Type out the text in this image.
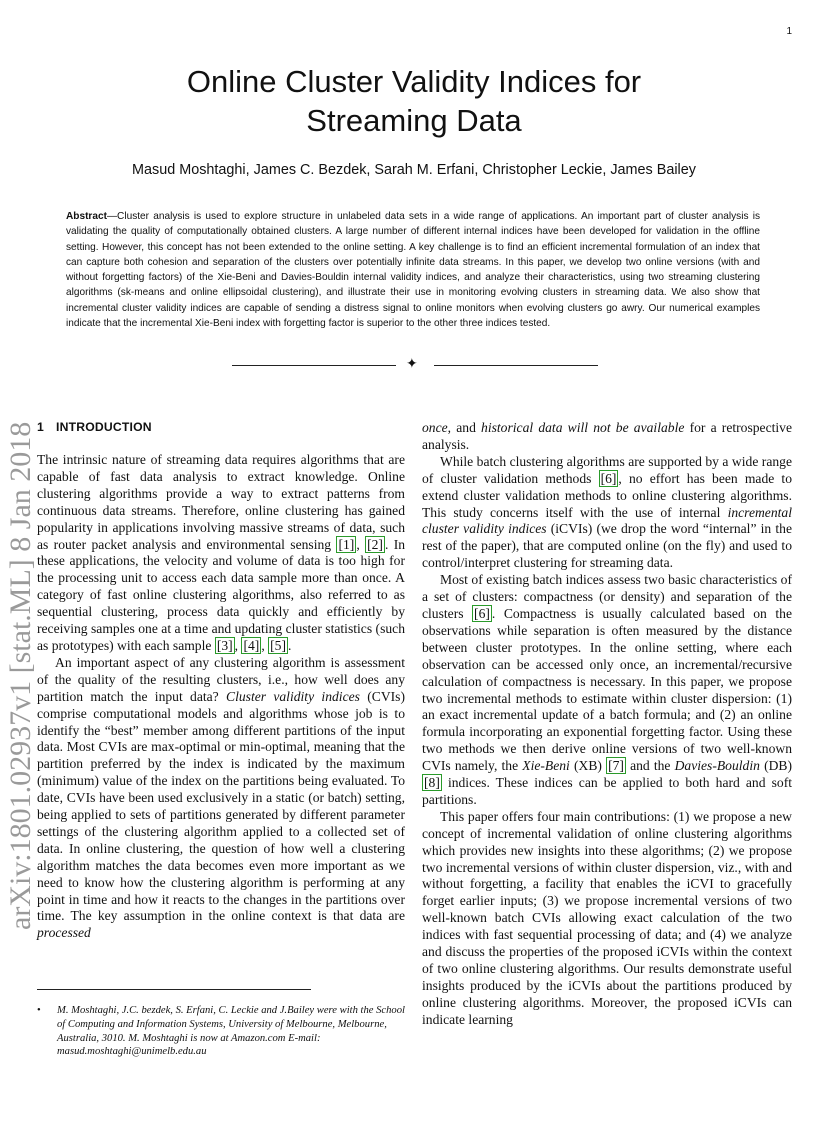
1
Online Cluster Validity Indices for
Streaming Data
Masud Moshtaghi, James C. Bezdek, Sarah M. Erfani, Christopher Leckie, James Bailey
Abstract—Cluster analysis is used to explore structure in unlabeled data sets in a wide range of applications. An important part of cluster analysis is validating the quality of computationally obtained clusters. A large number of different internal indices have been developed for validation in the offline setting. However, this concept has not been extended to the online setting. A key challenge is to find an efficient incremental formulation of an index that can capture both cohesion and separation of the clusters over potentially infinite data streams. In this paper, we develop two online versions (with and without forgetting factors) of the Xie-Beni and Davies-Bouldin internal validity indices, and analyze their characteristics, using two streaming clustering algorithms (sk-means and online ellipsoidal clustering), and illustrate their use in monitoring evolving clusters in streaming data. We also show that incremental cluster validity indices are capable of sending a distress signal to online monitors when evolving clusters go awry. Our numerical examples indicate that the incremental Xie-Beni index with forgetting factor is superior to the other three indices tested.
✦
arXiv:1801.02937v1 [stat.ML] 8 Jan 2018 1 INTRODUCTION

The intrinsic nature of streaming data requires algorithms that are capable of fast data analysis to extract knowledge. Online clustering algorithms provide a way to extract patterns from continuous data streams. Therefore, online clustering has gained popularity in applications involving massive streams of data, such as router packet analysis and environmental sensing [1] , [2] . In these applications, the velocity and volume of data is too high for the processing unit to access each data sample more than once. A category of fast online clustering algorithms, also referred to as sequential clustering, process data quickly and efficiently by receiving samples one at a time and updating cluster statistics (such as prototypes) with each sample [3] , [4] , [5] .

An important aspect of any clustering algorithm is assessment of the quality of the resulting clusters, i.e., how well does any partition match the input data? Cluster validity indices (CVIs) comprise computational models and algorithms whose job is to identify the “best” member among different partitions of the input data. Most CVIs are max-optimal or min-optimal, meaning that the partition preferred by the index is indicated by the maximum (minimum) value of the index on the partitions being evaluated. To date, CVIs have been used exclusively in a static (or batch) setting, being applied to sets of partitions generated by different parameter settings of the clustering algorithm applied to a collected set of data. In online clustering, the question of how well a clustering algorithm matches the data becomes even more important as we need to know how the clustering algorithm is performing at any point in time and how it reacts to the changes in the partitions over time. The key assumption in the online context is that data are processed

• M. Moshtaghi, J.C. bezdek, S. Erfani, C. Leckie and J.Bailey were with the School of Computing and Information Systems, University of Melbourne, Melbourne, Australia, 3010. M. Moshtaghi is now at Amazon.com E-mail: masud.moshtaghi@unimelb.edu.au

once, and historical data will not be available for a retrospective analysis.

While batch clustering algorithms are supported by a wide range of cluster validation methods [6] , no effort has been made to extend cluster validation methods to online clustering algorithms. This study concerns itself with the use of internal incremental cluster validity indices (iCVIs) (we drop the word “internal” in the rest of the paper), that are computed online (on the fly) and used to control/interpret clustering for streaming data.

Most of existing batch indices assess two basic characteristics of a set of clusters: compactness (or density) and separation of the clusters [6] . Compactness is usually calculated based on the observations while separation is often measured by the distance between cluster prototypes. In the online setting, where each observation can be accessed only once, an incremental/recursive calculation of compactness is necessary. In this paper, we propose two incremental methods to estimate within cluster dispersion: (1) an exact incremental update of a batch formula; and (2) an online formula incorporating an exponential forgetting factor. Using these two methods we then derive online versions of two well-known CVIs namely, the Xie-Beni (XB) [7] and the Davies-Bouldin (DB) [8] indices. These indices can be applied to both hard and soft partitions.

This paper offers four main contributions: (1) we propose a new concept of incremental validation of online clustering algorithms which provides new insights into these algorithms; (2) we propose two incremental versions of within cluster dispersion, viz., with and without forgetting, a facility that enables the iCVI to gracefully forget earlier inputs; (3) we propose incremental versions of two well-known batch CVIs allowing exact calculation of the two indices with fast sequential processing of data; and (4) we analyze and discuss the properties of the proposed iCVIs within the context of two online clustering algorithms. Our results demonstrate useful insights produced by the iCVIs about the partitions produced by online clustering algorithms. Moreover, the proposed iCVIs can indicate learning
